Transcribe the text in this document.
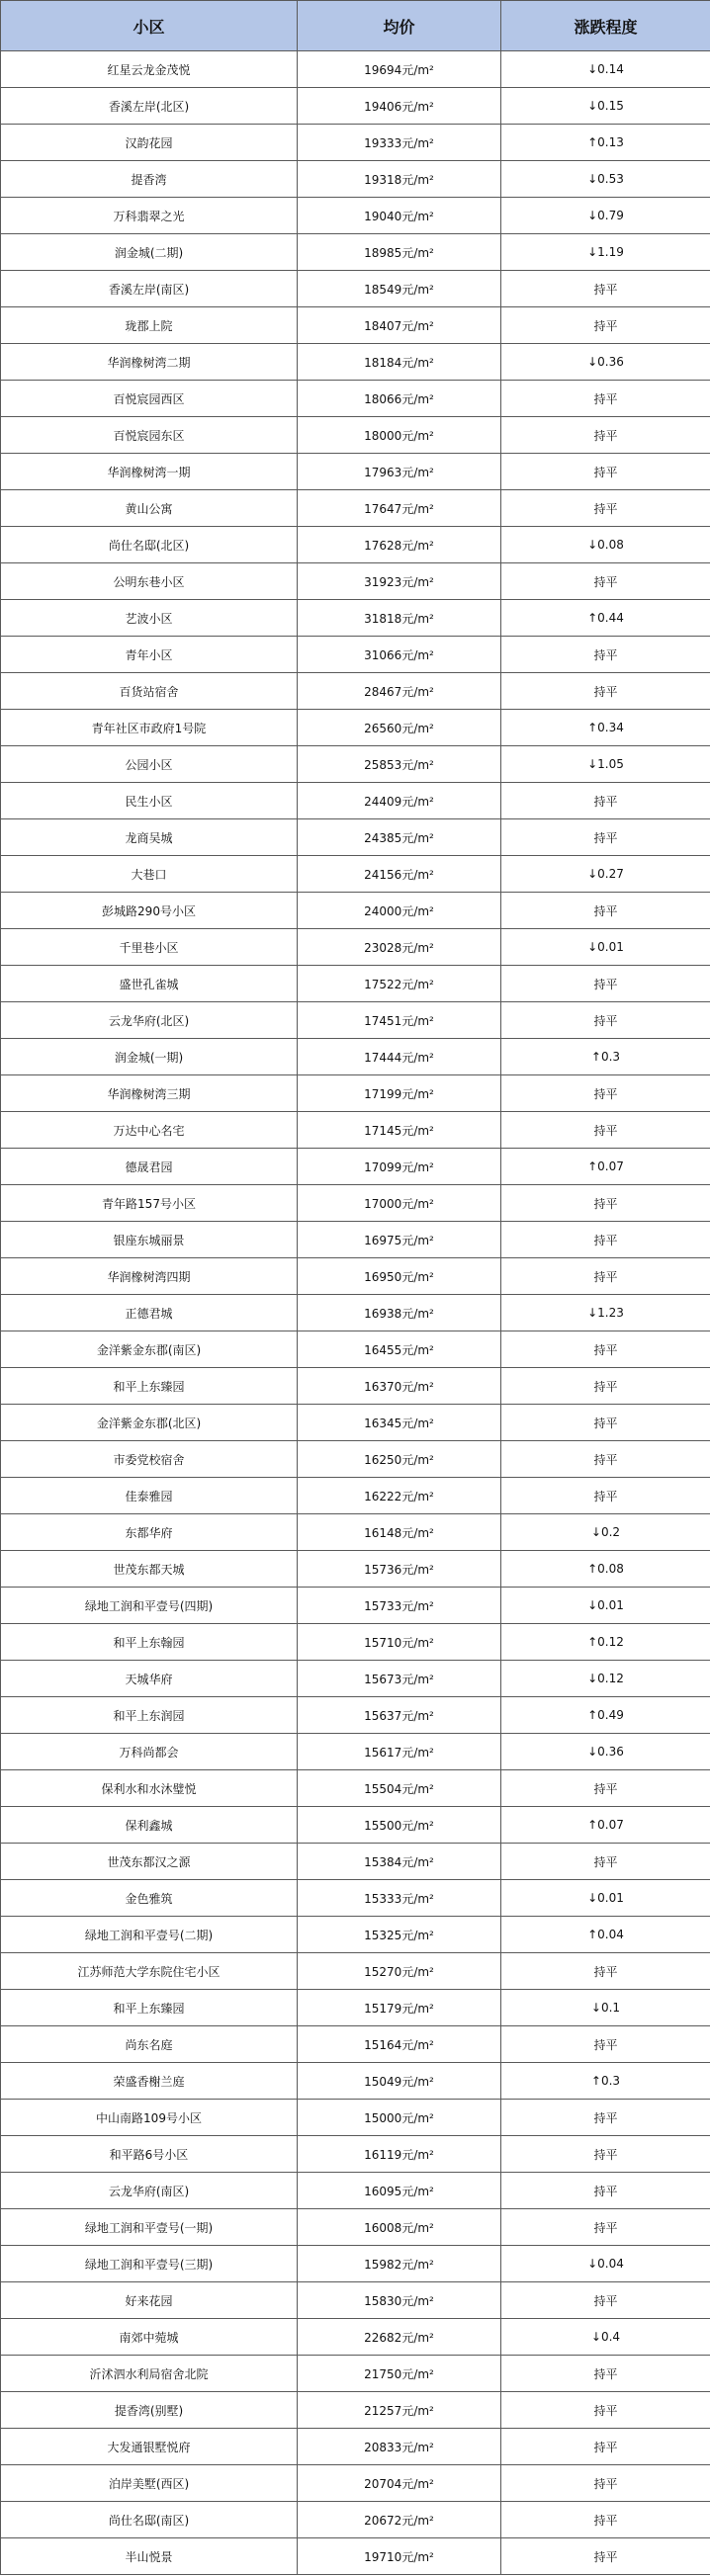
小区	均价	涨跌程度
红星云龙金茂悦	19694元/m²	↓0.14
香溪左岸(北区)	19406元/m²	↓0.15
汉韵花园	19333元/m²	↑0.13
提香湾	19318元/m²	↓0.53
万科翡翠之光	19040元/m²	↓0.79
润金城(二期)	18985元/m²	↓1.19
香溪左岸(南区)	18549元/m²	持平
珑郡上院	18407元/m²	持平
华润橡树湾二期	18184元/m²	↓0.36
百悦宸园西区	18066元/m²	持平
百悦宸园东区	18000元/m²	持平
华润橡树湾一期	17963元/m²	持平
黄山公寓	17647元/m²	持平
尚仕名邸(北区)	17628元/m²	↓0.08
公明东巷小区	31923元/m²	持平
艺波小区	31818元/m²	↑0.44
青年小区	31066元/m²	持平
百货站宿舍	28467元/m²	持平
青年社区市政府1号院	26560元/m²	↑0.34
公园小区	25853元/m²	↓1.05
民生小区	24409元/m²	持平
龙商吴城	24385元/m²	持平
大巷口	24156元/m²	↓0.27
彭城路290号小区	24000元/m²	持平
千里巷小区	23028元/m²	↓0.01
盛世孔雀城	17522元/m²	持平
云龙华府(北区)	17451元/m²	持平
润金城(一期)	17444元/m²	↑0.3
华润橡树湾三期	17199元/m²	持平
万达中心名宅	17145元/m²	持平
德晟君园	17099元/m²	↑0.07
青年路157号小区	17000元/m²	持平
银座东城丽景	16975元/m²	持平
华润橡树湾四期	16950元/m²	持平
正德君城	16938元/m²	↓1.23
金洋紫金东郡(南区)	16455元/m²	持平
和平上东臻园	16370元/m²	持平
金洋紫金东郡(北区)	16345元/m²	持平
市委党校宿舍	16250元/m²	持平
佳泰雅园	16222元/m²	持平
东都华府	16148元/m²	↓0.2
世茂东都天城	15736元/m²	↑0.08
绿地工润和平壹号(四期)	15733元/m²	↓0.01
和平上东翰园	15710元/m²	↑0.12
天城华府	15673元/m²	↓0.12
和平上东润园	15637元/m²	↑0.49
万科尚都会	15617元/m²	↓0.36
保利水和水沐璧悦	15504元/m²	持平
保利鑫城	15500元/m²	↑0.07
世茂东都汉之源	15384元/m²	持平
金色雅筑	15333元/m²	↓0.01
绿地工润和平壹号(二期)	15325元/m²	↑0.04
江苏师范大学东院住宅小区	15270元/m²	持平
和平上东臻园	15179元/m²	↓0.1
尚东名庭	15164元/m²	持平
荣盛香榭兰庭	15049元/m²	↑0.3
中山南路109号小区	15000元/m²	持平
和平路6号小区	16119元/m²	持平
云龙华府(南区)	16095元/m²	持平
绿地工润和平壹号(一期)	16008元/m²	持平
绿地工润和平壹号(三期)	15982元/m²	↓0.04
好来花园	15830元/m²	持平
南郊中菀城	22682元/m²	↓0.4
沂沭泗水利局宿舍北院	21750元/m²	持平
提香湾(别墅)	21257元/m²	持平
大发通银墅悦府	20833元/m²	持平
泊岸美墅(西区)	20704元/m²	持平
尚仕名邸(南区)	20672元/m²	持平
半山悦景	19710元/m²	持平
